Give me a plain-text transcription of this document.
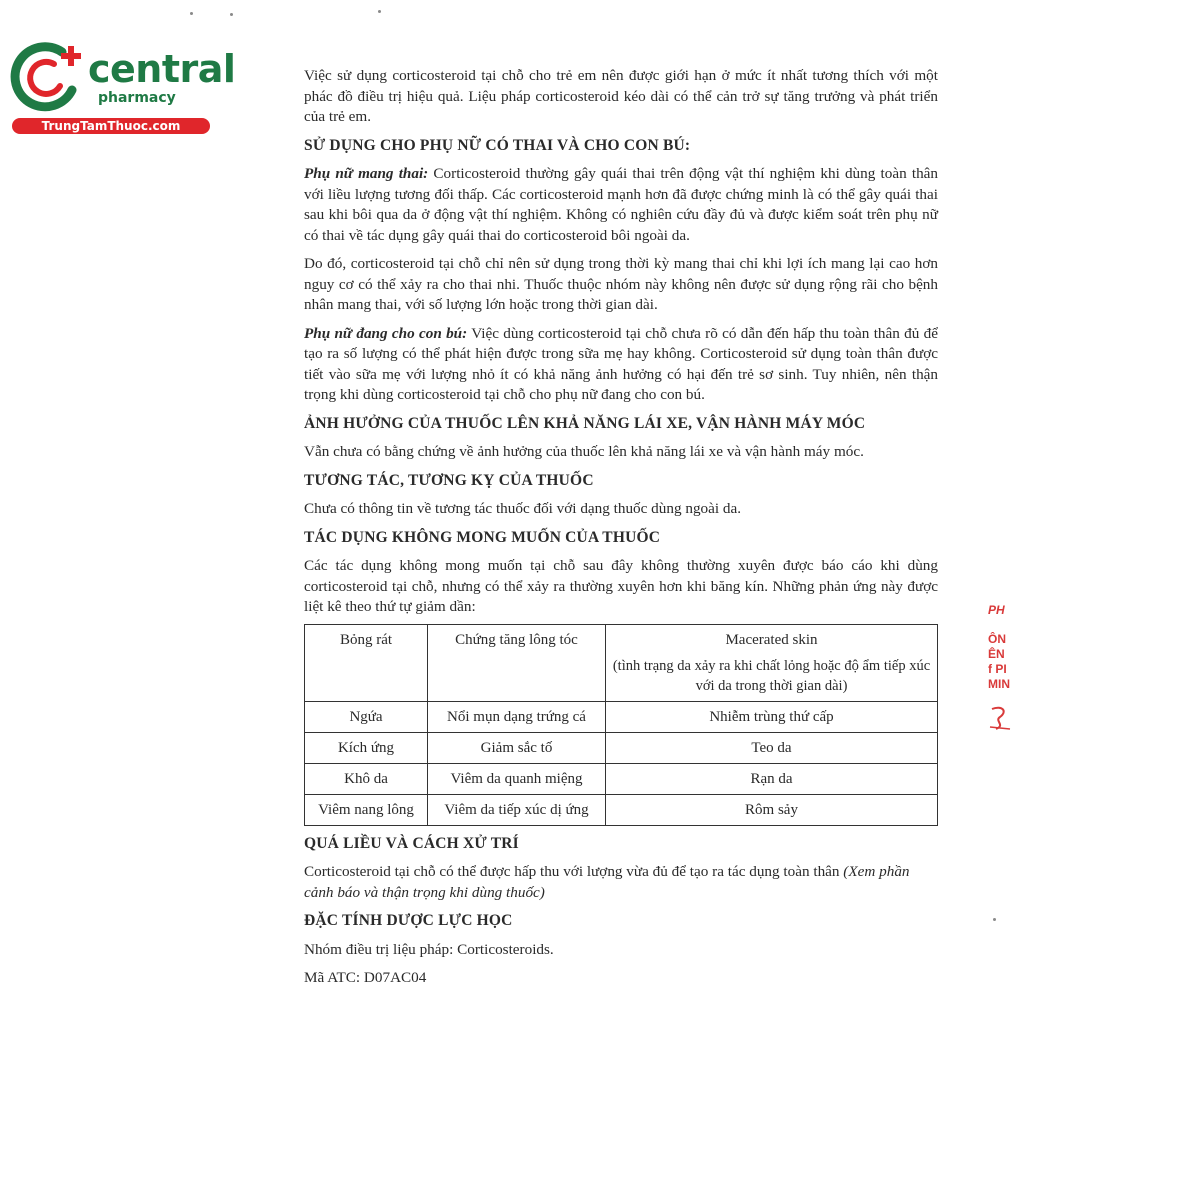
central
pharmacy
TrungTamThuoc.com

Việc sử dụng corticosteroid tại chỗ cho trẻ em nên được giới hạn ở mức ít nhất tương thích với một phác đồ điều trị hiệu quả. Liệu pháp corticosteroid kéo dài có thể cản trở sự tăng trưởng và phát triển của trẻ em.

SỬ DỤNG CHO PHỤ NỮ CÓ THAI VÀ CHO CON BÚ:

Phụ nữ mang thai: Corticosteroid thường gây quái thai trên động vật thí nghiệm khi dùng toàn thân với liều lượng tương đối thấp. Các corticosteroid mạnh hơn đã được chứng minh là có thể gây quái thai sau khi bôi qua da ở động vật thí nghiệm. Không có nghiên cứu đầy đủ và được kiểm soát trên phụ nữ có thai về tác dụng gây quái thai do corticosteroid bôi ngoài da.

Do đó, corticosteroid tại chỗ chỉ nên sử dụng trong thời kỳ mang thai chỉ khi lợi ích mang lại cao hơn nguy cơ có thể xảy ra cho thai nhi. Thuốc thuộc nhóm này không nên được sử dụng rộng rãi cho bệnh nhân mang thai, với số lượng lớn hoặc trong thời gian dài.

Phụ nữ đang cho con bú: Việc dùng corticosteroid tại chỗ chưa rõ có dẫn đến hấp thu toàn thân đủ để tạo ra số lượng có thể phát hiện được trong sữa mẹ hay không. Corticosteroid sử dụng toàn thân được tiết vào sữa mẹ với lượng nhỏ ít có khả năng ảnh hưởng có hại đến trẻ sơ sinh. Tuy nhiên, nên thận trọng khi dùng corticosteroid tại chỗ cho phụ nữ đang cho con bú.

ẢNH HƯỞNG CỦA THUỐC LÊN KHẢ NĂNG LÁI XE, VẬN HÀNH MÁY MÓC

Vẫn chưa có bằng chứng về ảnh hưởng của thuốc lên khả năng lái xe và vận hành máy móc.

TƯƠNG TÁC, TƯƠNG KỴ CỦA THUỐC

Chưa có thông tin về tương tác thuốc đối với dạng thuốc dùng ngoài da.

TÁC DỤNG KHÔNG MONG MUỐN CỦA THUỐC

Các tác dụng không mong muốn tại chỗ sau đây không thường xuyên được báo cáo khi dùng corticosteroid tại chỗ, nhưng có thể xảy ra thường xuyên hơn khi băng kín. Những phản ứng này được liệt kê theo thứ tự giảm dần:

Bỏng rát	Chứng tăng lông tóc	Macerated skin
(tình trạng da xảy ra khi chất lỏng hoặc độ ẩm tiếp xúc với da trong thời gian dài)

Ngứa	Nổi mụn dạng trứng cá	Nhiễm trùng thứ cấp
Kích ứng	Giảm sắc tố	Teo da
Khô da	Viêm da quanh miệng	Rạn da
Viêm nang lông	Viêm da tiếp xúc dị ứng	Rôm sảy
QUÁ LIỀU VÀ CÁCH XỬ TRÍ

Corticosteroid tại chỗ có thể được hấp thu với lượng vừa đủ để tạo ra tác dụng toàn thân (Xem phần cảnh báo và thận trọng khi dùng thuốc)

ĐẶC TÍNH DƯỢC LỰC HỌC

Nhóm điều trị liệu pháp: Corticosteroids.

Mã ATC: D07AC04

PH
ÔN
ÊN
f PI
MIN
